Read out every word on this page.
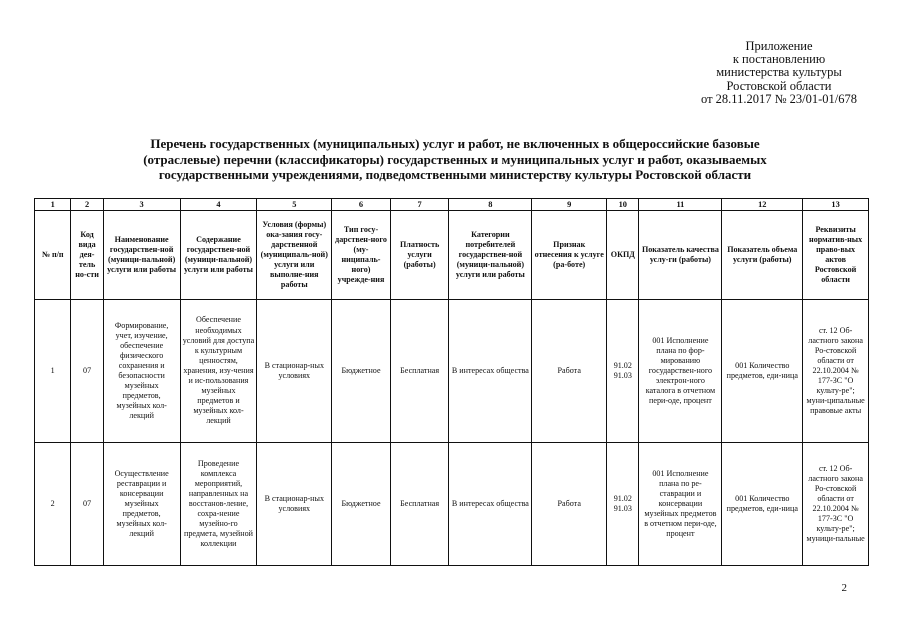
Приложение
к постановлению
министерства культуры
Ростовской области
от 28.11.2017 № 23/01-01/678
Перечень государственных (муниципальных) услуг и работ, не включенных в общероссийские базовые
(отраслевые) перечни (классификаторы) государственных и муниципальных услуг и работ, оказываемых
государственными учреждениями, подведомственными министерству культуры Ростовской области
1	2	3	4	5	6	7	8	9	10	11	12	13
№ п/п	Код вида дея-тель но-сти	Наименование государствен-ной (муници-пальной) услуги или работы	Содержание государствен-ной (муници-пальной) услуги или работы	Условия (формы) ока-зания госу-дарственной (муниципаль-ной) услуги или выполне-ния работы	Тип госу-дарствен-ного (му-ниципаль-ного) учрежде-ния	Платность услуги (работы)	Категории потребителей государствен-ной (муници-пальной) услуги или работы	Признак отнесения к услуге (ра-боте)	ОКПД	Показатель качества услу-ги (работы)	Показатель объема услуги (работы)	Реквизиты норматив-ных право-вых актов Ростовской области
1	07	Формирование, учет, изучение, обеспечение физического сохранения и безопасности музейных предметов, музейных кол-лекций	Обеспечение необходимых условий для доступа к культурным ценностям, хранения, изу-чения и ис-пользования музейных предметов и музейных кол-лекций	В стационар-ных условиях	Бюджетное	Бесплатная	В интересах общества	Работа	91.02 91.03	001 Исполнение плана по фор-мированию государствен-ного электрон-ного каталога в отчетном пери-оде, процент	001 Количество предметов, еди-ница	ст. 12 Об-ластного закона Ро-стовской области от 22.10.2004 № 177-ЗС "О культу-ре"; муни-ципальные правовые акты
2	07	Осуществление реставрации и консервации музейных предметов, музейных кол-лекций	Проведение комплекса мероприятий, направленных на восстанов-ление, сохра-нение музейно-го предмета, музейной коллекции	В стационар-ных условиях	Бюджетное	Бесплатная	В интересах общества	Работа	91.02 91.03	001 Исполнение плана по ре-ставрации и консервации музейных предметов в отчетном пери-оде, процент	001 Количество предметов, еди-ница	ст. 12 Об-ластного закона Ро-стовской области от 22.10.2004 № 177-ЗС "О культу-ре"; муници-пальные
2
